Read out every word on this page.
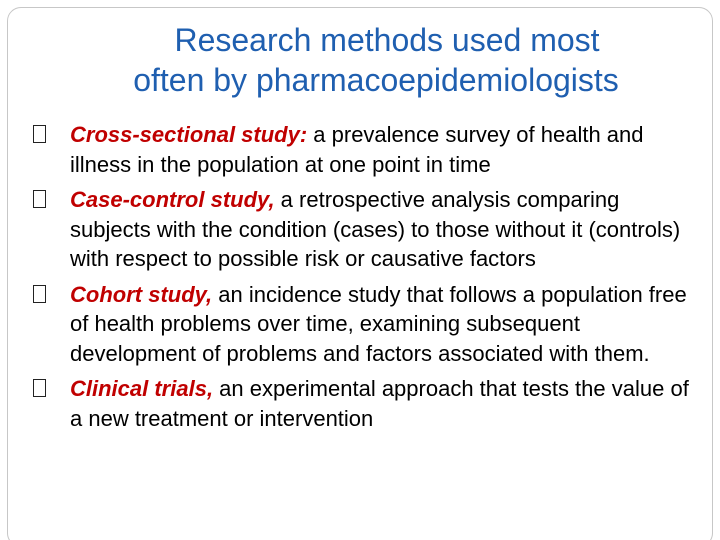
Research methods used most
often by pharmacoepidemiologists
Cross-sectional study: a prevalence survey of health and illness in the population at one point in time
Case-control study, a retrospective analysis comparing subjects with the condition (cases) to those without it (controls) with respect to possible risk or causative factors
Cohort study, an incidence study that follows a population free of health problems over time, examining subsequent development of problems and factors associated with them.
Clinical trials, an experimental approach that tests the value of a new treatment or intervention
